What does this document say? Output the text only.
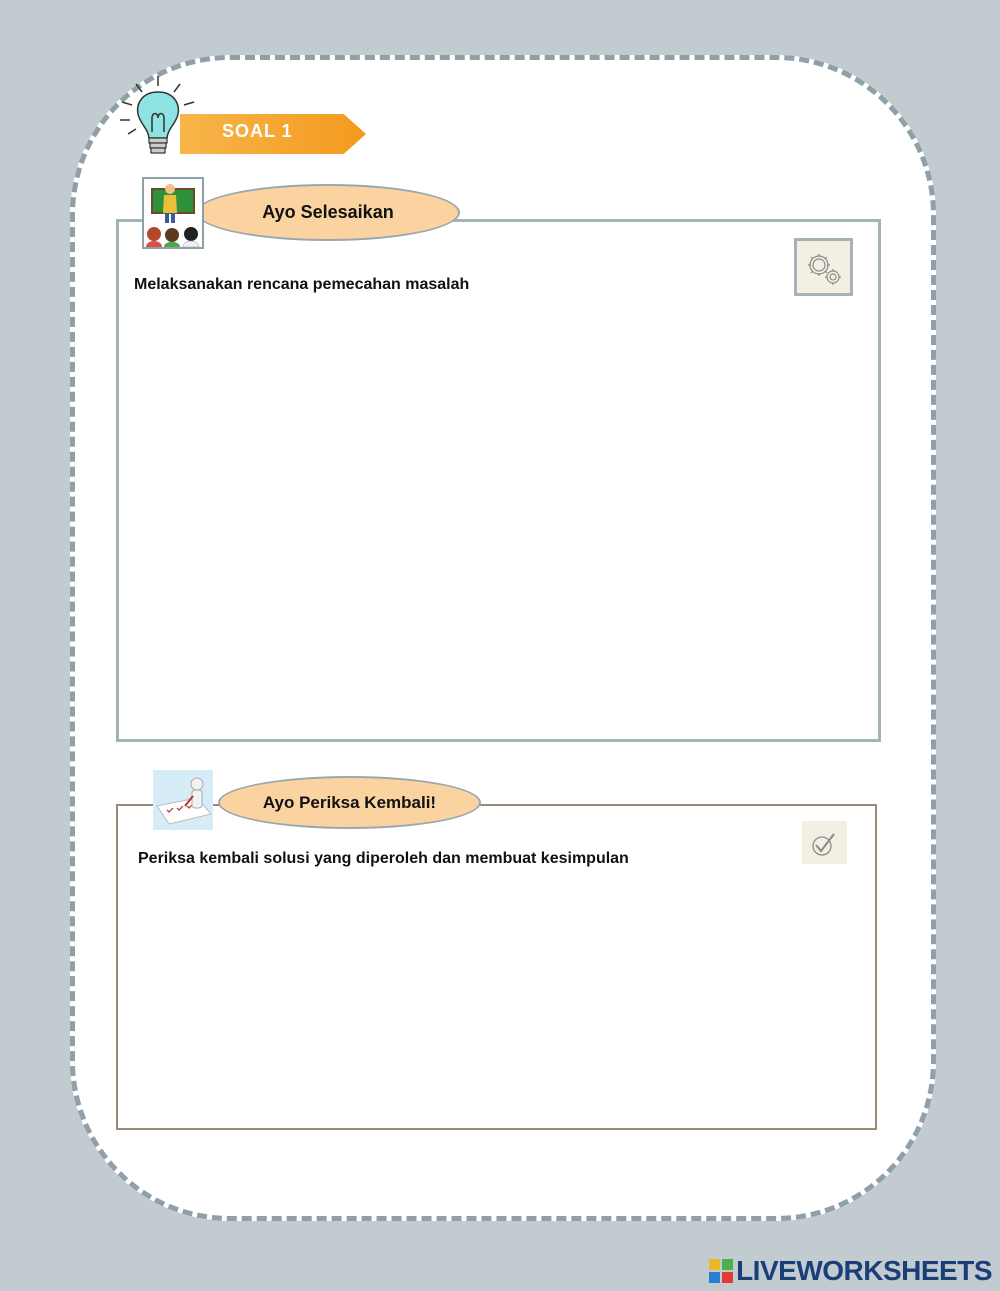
SOAL 1
Ayo Selesaikan
Melaksanakan rencana pemecahan masalah
Ayo Periksa Kembali!
Periksa kembali solusi yang diperoleh dan membuat kesimpulan
LIVEWORKSHEETS
